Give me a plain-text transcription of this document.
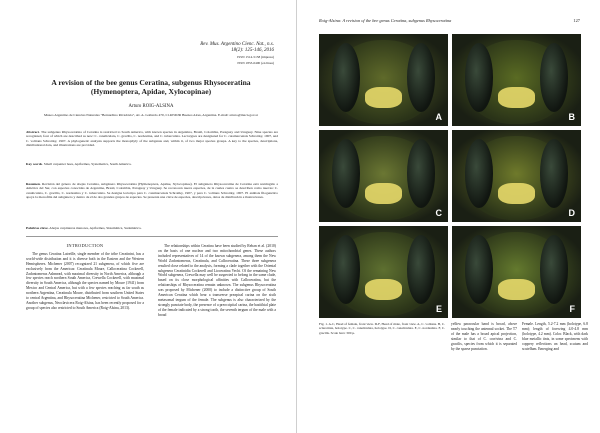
Rev. Mus. Argentino Cienc. Nat., n.s.
18(2): 125-146, 2016
ISSN 1514-5158 (impresa)
ISSN 1853-0400 (en línea)
A revision of the bee genus Ceratina, subgenus Rhysoceratina (Hymenoptera, Apidae, Xylocopinae)
Arturo ROIG-ALSINA
Museo Argentino de Ciencias Naturales "Bernardino Rivadavia", Av. A. Gallardo 470, C1405DJR Buenos Aires, Argentina. E-mail: arturo@macn.gov.ar
Abstract. The subgenus Rhysoceratina of Ceratina is restricted to South America, with known species in Argentina, Brazil, Colombia, Paraguay and Uruguay. Nine species are recognized, four of which are described as new: C. canaliculata, C. gracilis, C. nordestina, and C. tuberculata. Lectotypes are designated for C. catamarcensis Schrottky, 1907, and C. volitans Schrottky, 1907. A phylogenetic analysis supports the monophyly of the subgenus and, within it, of two major species groups. A key to the species, descriptions, distributional data, and illustrations are provided.
Key words. Small carpenter bees, Apiformes, Systematics, South America.
Resumen. Revisión del género de abejas Ceratina, subgénero Rhysoceratina (Hymenoptera, Apidae, Xylocopinae). El subgénero Rhysoceratina de Ceratina está restringido a América del Sur, con especies conocidas de Argentina, Brasil, Colombia, Paraguay y Uruguay. Se reconocen nueve especies, de la cuales cuatro se describen como nuevas: C. canaliculata, C. gracilis, C. nordestina y C. tuberculata. Se designa lectotipo para C. catamarcensis Schrottky, 1907, y para C. volitans Schrottky, 1907. El análisis filogenético apoya la monofilia del subgénero y dentro de él de dos grandes grupos de especies. Se presenta una clave de especies, descripciones, datos de distribución e ilustraciones.
Palabras clave. Abejas carpinteras menores, Apiformes, Sistemática, Sudamérica.
INTRODUCTION

The genus Ceratina Latreille, single member of the tribe Ceratinini, has a world-wide distribution and it is diverse both in the Eastern and the Western Hemispheres. Michener (2007) recognized 21 subgenera, of which five are exclusively from the Americas: Ceratinula Moure, Calloceratina Cockerell, Zadontomerus Ashmead, with maximal diversity in North America, although a few species reach northern South America, Crewella Cockerell, with maximal diversity in South America, although the species named by Moure (1941) from Mexico and Central America, but with a few species reaching as far south as northern Argentina, Ceratinula Moure, distributed from southern United States to central Argentina, and Rhysoceratina Michener, restricted to South America. Another subgenus, Neoclavicera Roig-Alsina, has been recently proposed for a group of species also restricted to South America (Roig-Alsina, 2013).

The relationships within Ceratina have been studied by Rehan et al. (2010) on the basis of one nuclear and two mitochondrial genes. These authors included representatives of 14 of the known subgenera, among them the New World Zadontomerus, Ceratinula, and Calloceratina. These three subgenera resulted close related to the analysis, forming a clade together with the Oriental subgenera Ceratinidia Cockerell and Lioceratina Vecht. Of the remaining New World subgenera, Crewella may well be suspected to belong in the same clade, based on its close morphological affinities with Calloceratina, but the relationships of Rhysoceratina remain unknown. The subgenus Rhysoceratina was proposed by Michener (2000) to include a distinctive group of South American Ceratina which bear a transverse preapical carina on the sixth metasomal tergum of the female. The subgenus is also characterized by the strongly punctate body, the presence of a preoccipital carina, the basitibial plate of the female indicated by a strong tooth, the seventh tergum of the male with a broad

Roig-Alsina: A revision of the bee genus Ceratina, subgenus Rhysoceratina	127
A	B
C	D
E	F
Fig. 1. A-C, Head of female, front view. D-F, Head of male, front view. A, C. volitans. B, C. sclerotinia, holotype. C, C. canaliculata, holotype. D, C. canaliculata. E, C. nordestina. F, C. gracilis. Scale bars: 300 µ.
yellow paraocular band is broad, above nearly touching the antennal socket. The T7 of the male has a broad apical projection, similar to that of C. corrivina and C. gracilis, species from which it is separated by the sparse punctation.
Female. Length, 5.2-7.2 mm (holotype, 6.8 mm); length of forewing 4.0-4.8 mm (holotype, 4.2 mm). Color. Black, with dark blue metallic tints, in some specimens with coppery reflections on head, scutum and scutellum. Emerging and
